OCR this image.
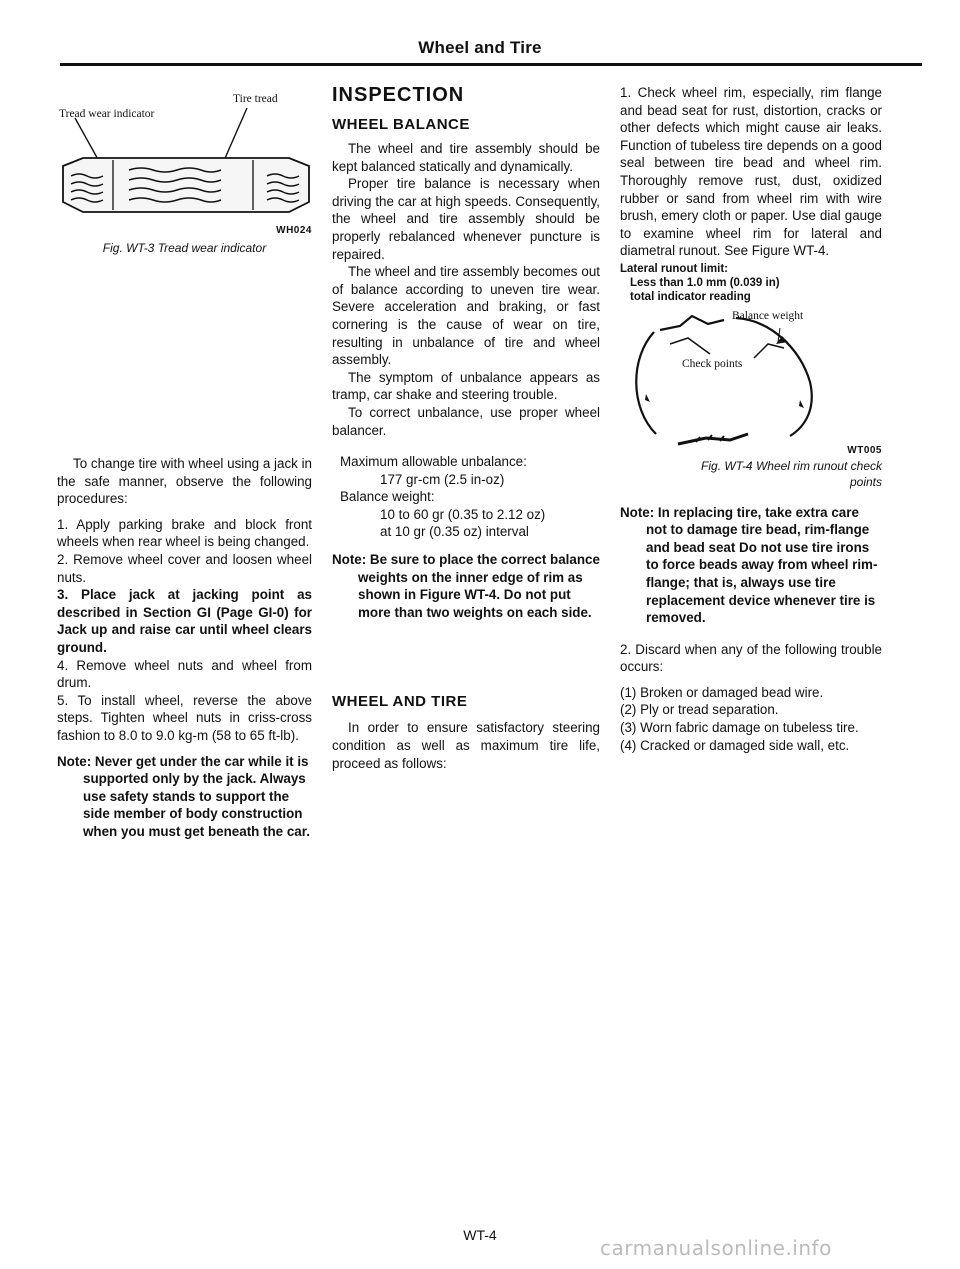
Wheel and Tire
Tread wear indicator
Tire tread
WH024
Fig. WT-3 Tread wear indicator

To change tire with wheel using a jack in the safe manner, observe the following procedures:

1. Apply parking brake and block front wheels when rear wheel is being changed.

2. Remove wheel cover and loosen wheel nuts.

3. Place jack at jacking point as described in Section GI (Page GI-0) for Jack up and raise car until wheel clears ground.

4. Remove wheel nuts and wheel from drum.

5. To install wheel, reverse the above steps. Tighten wheel nuts in criss-cross fashion to 8.0 to 9.0 kg-m (58 to 65 ft-lb).

Note: Never get under the car while it is supported only by the jack. Always use safety stands to support the side member of body construction when you must get beneath the car.

INSPECTION

WHEEL BALANCE

The wheel and tire assembly should be kept balanced statically and dynamically.

Proper tire balance is necessary when driving the car at high speeds. Consequently, the wheel and tire assembly should be properly rebalanced whenever puncture is repaired.

The wheel and tire assembly becomes out of balance according to uneven tire wear. Severe acceleration and braking, or fast cornering is the cause of wear on tire, resulting in unbalance of tire and wheel assembly.

The symptom of unbalance appears as tramp, car shake and steering trouble.

To correct unbalance, use proper wheel balancer.

Maximum allowable unbalance:

177 gr-cm (2.5 in-oz)

Balance weight:

10 to 60 gr (0.35 to 2.12 oz)

at 10 gr (0.35 oz) interval

Note: Be sure to place the correct balance weights on the inner edge of rim as shown in Figure WT-4. Do not put more than two weights on each side.

WHEEL AND TIRE

In order to ensure satisfactory steering condition as well as maximum tire life, proceed as follows:

1. Check wheel rim, especially, rim flange and bead seat for rust, distortion, cracks or other defects which might cause air leaks. Function of tubeless tire depends on a good seal between tire bead and wheel rim. Thoroughly remove rust, dust, oxidized rubber or sand from wheel rim with wire brush, emery cloth or paper. Use dial gauge to examine wheel rim for lateral and diametral runout. See Figure WT-4.

Lateral runout limit:

Less than 1.0 mm (0.039 in)

total indicator reading

Balance weight
Check points
WT005
Fig. WT-4 Wheel rim runout check
points

Note: In replacing tire, take extra care not to damage tire bead, rim-flange and bead seat Do not use tire irons to force beads away from wheel rim-flange; that is, always use tire replacement device whenever tire is removed.

2. Discard when any of the following trouble occurs:

(1) Broken or damaged bead wire.

(2) Ply or tread separation.

(3) Worn fabric damage on tubeless tire.

(4) Cracked or damaged side wall, etc.

WT-4
carmanualsonline.info
